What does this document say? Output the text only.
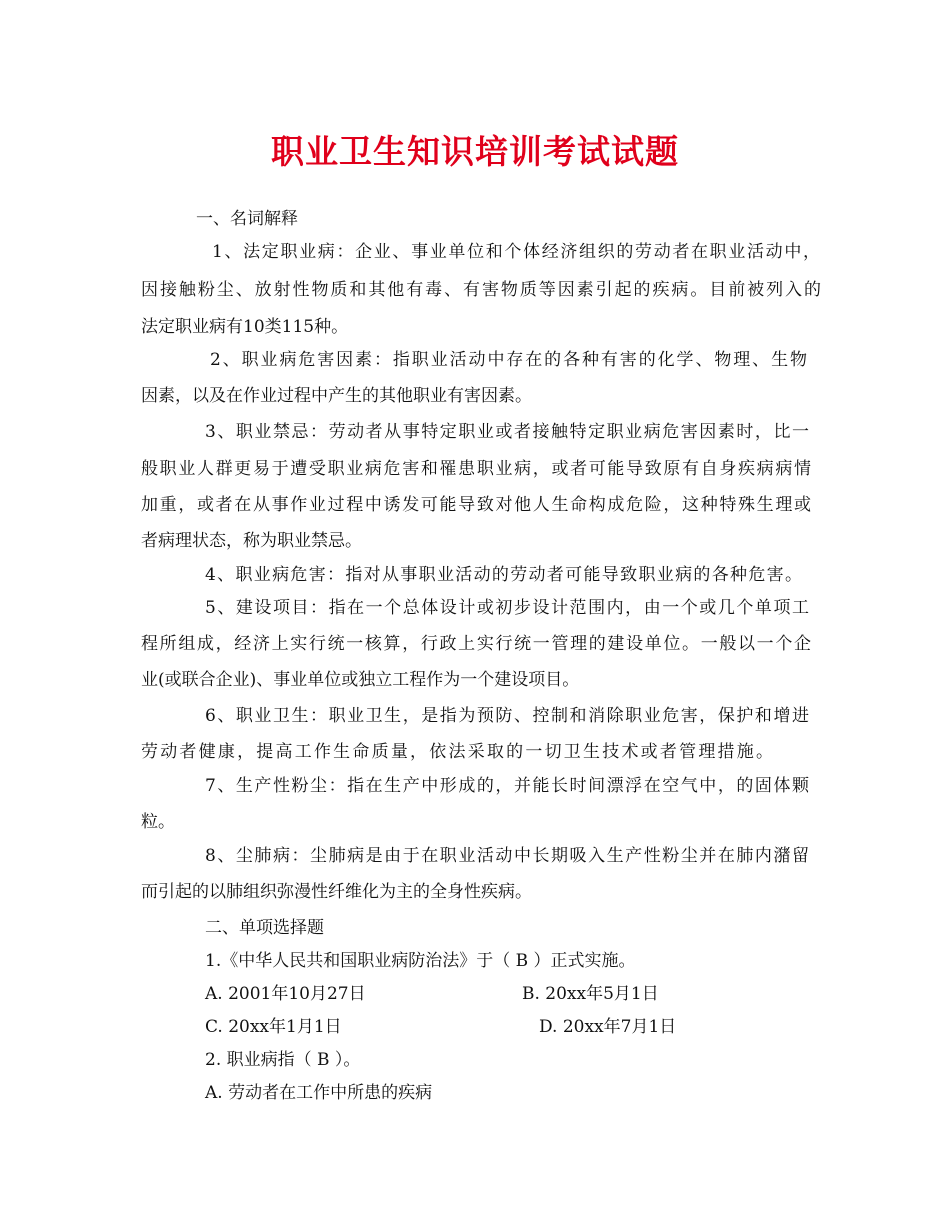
职业卫生知识培训考试试题
一、名词解释
1、法定职业病：企业、事业单位和个体经济组织的劳动者在职业活动中，
因接触粉尘、放射性物质和其他有毒、有害物质等因素引起的疾病。目前被列入的
法定职业病有10类115种。
2、职业病危害因素：指职业活动中存在的各种有害的化学、物理、生物
因素，以及在作业过程中产生的其他职业有害因素。
3、职业禁忌：劳动者从事特定职业或者接触特定职业病危害因素时，比一
般职业人群更易于遭受职业病危害和罹患职业病，或者可能导致原有自身疾病病情
加重，或者在从事作业过程中诱发可能导致对他人生命构成危险，这种特殊生理或
者病理状态，称为职业禁忌。
4、职业病危害：指对从事职业活动的劳动者可能导致职业病的各种危害。
5、建设项目：指在一个总体设计或初步设计范围内，由一个或几个单项工
程所组成，经济上实行统一核算，行政上实行统一管理的建设单位。一般以一个企
业(或联合企业)、事业单位或独立工程作为一个建设项目。
6、职业卫生：职业卫生，是指为预防、控制和消除职业危害，保护和增进
劳动者健康，提高工作生命质量，依法采取的一切卫生技术或者管理措施。
7、生产性粉尘：指在生产中形成的，并能长时间漂浮在空气中，的固体颗
粒。
8、尘肺病：尘肺病是由于在职业活动中长期吸入生产性粉尘并在肺内潴留
而引起的以肺组织弥漫性纤维化为主的全身性疾病。
二、单项选择题
1.《中华人民共和国职业病防治法》于（ B ）正式实施。
A. 2001年10月27日	B. 20xx年5月1日
C. 20xx年1月1日	D. 20xx年7月1日
2. 职业病指（ B ）。
A. 劳动者在工作中所患的疾病
